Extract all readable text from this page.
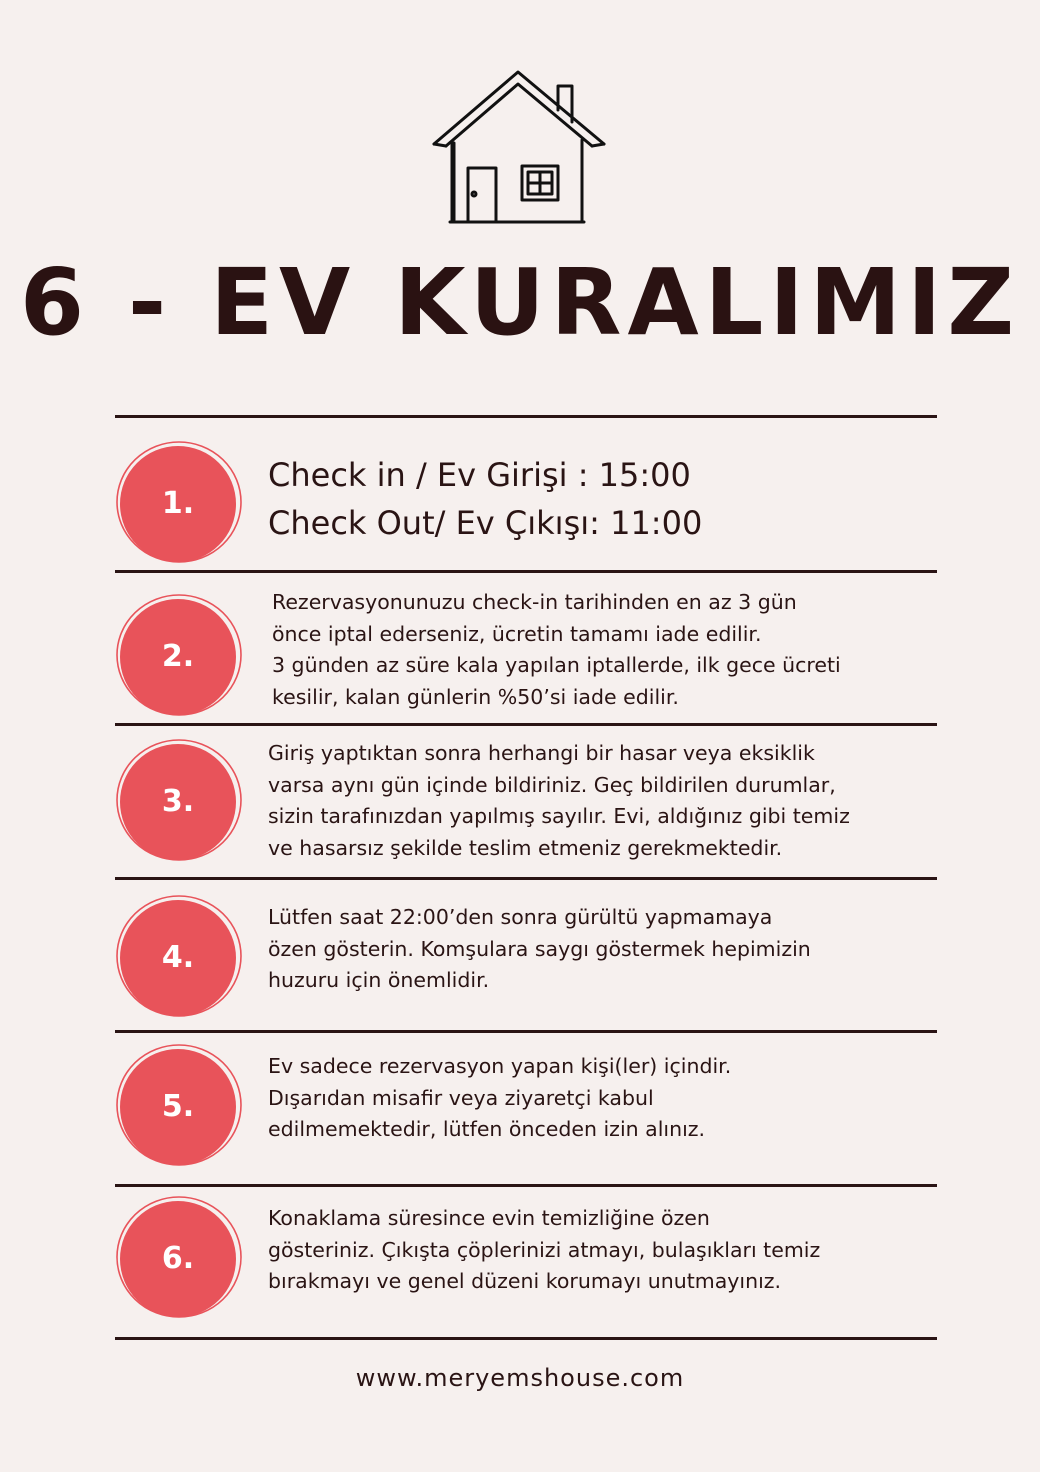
6 - EV KURALIMIZ
1.

Check in / Ev Girişi : 15:00

Check Out/ Ev Çıkışı: 11:00

2.

Rezervasyonunuzu check-in tarihinden en az 3 gün

önce iptal ederseniz, ücretin tamamı iade edilir.

3 günden az süre kala yapılan iptallerde, ilk gece ücreti

kesilir, kalan günlerin %50’si iade edilir.

3.

Giriş yaptıktan sonra herhangi bir hasar veya eksiklik

varsa aynı gün içinde bildiriniz. Geç bildirilen durumlar,

sizin tarafınızdan yapılmış sayılır. Evi, aldığınız gibi temiz

ve hasarsız şekilde teslim etmeniz gerekmektedir.

4.

Lütfen saat 22:00’den sonra gürültü yapmamaya

özen gösterin. Komşulara saygı göstermek hepimizin

huzuru için önemlidir.

5.

Ev sadece rezervasyon yapan kişi(ler) içindir.

Dışarıdan misafir veya ziyaretçi kabul

edilmemektedir, lütfen önceden izin alınız.

6.

Konaklama süresince evin temizliğine özen

gösteriniz. Çıkışta çöplerinizi atmayı, bulaşıkları temiz

bırakmayı ve genel düzeni korumayı unutmayınız.

www.meryemshouse.com
